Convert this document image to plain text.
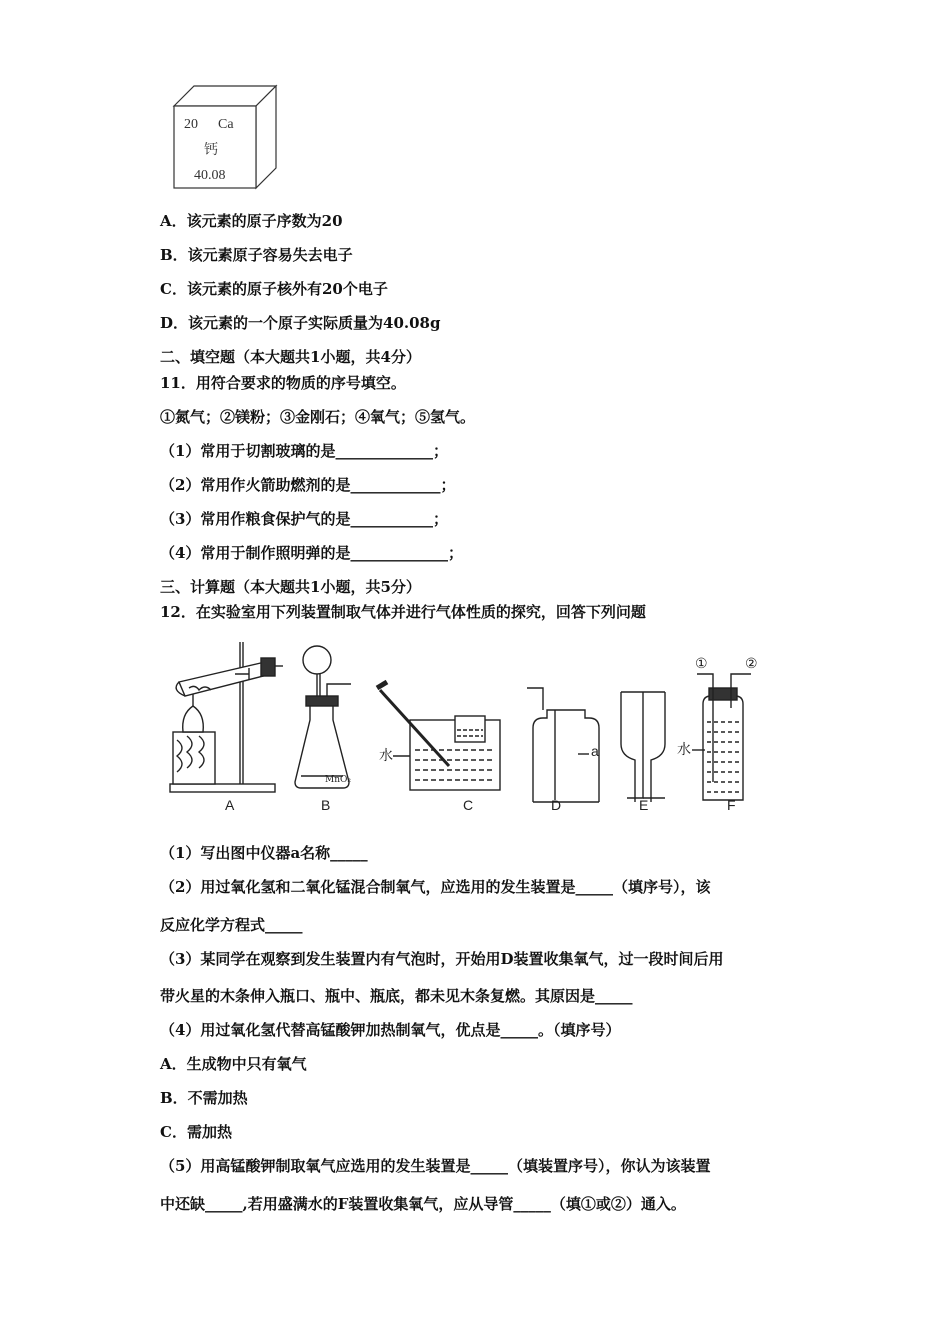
20 Ca
钙
40.08
A．该元素的原子序数为20
B．该元素原子容易失去电子
C．该元素的原子核外有20个电子
D．该元素的一个原子实际质量为40.08g
二、填空题（本大题共1小题，共4分）
11．用符合要求的物质的序号填空。
①氮气；②镁粉；③金刚石；④氧气；⑤氢气。
（1）常用于切割玻璃的是_____________；
（2）常用作火箭助燃剂的是____________；
（3）常用作粮食保护气的是___________；
（4）常用于制作照明弹的是_____________；
三、计算题（本大题共1小题，共5分）
12．在实验室用下列装置制取气体并进行气体性质的探究，回答下列问题
MnO₂
A	B	C	D	E	F
水	a	水
①	②
（1）写出图中仪器a名称_____
（2）用过氧化氢和二氧化锰混合制氧气，应选用的发生装置是_____（填序号），该
反应化学方程式_____
（3）某同学在观察到发生装置内有气泡时，开始用D装置收集氧气，过一段时间后用
带火星的木条伸入瓶口、瓶中、瓶底，都未见木条复燃。其原因是_____
（4）用过氧化氢代替高锰酸钾加热制氧气，优点是_____。（填序号）
A．生成物中只有氧气
B．不需加热
C．需加热
（5）用高锰酸钾制取氧气应选用的发生装置是_____（填装置序号），你认为该装置
中还缺_____,若用盛满水的F装置收集氧气，应从导管_____（填①或②）通入。
